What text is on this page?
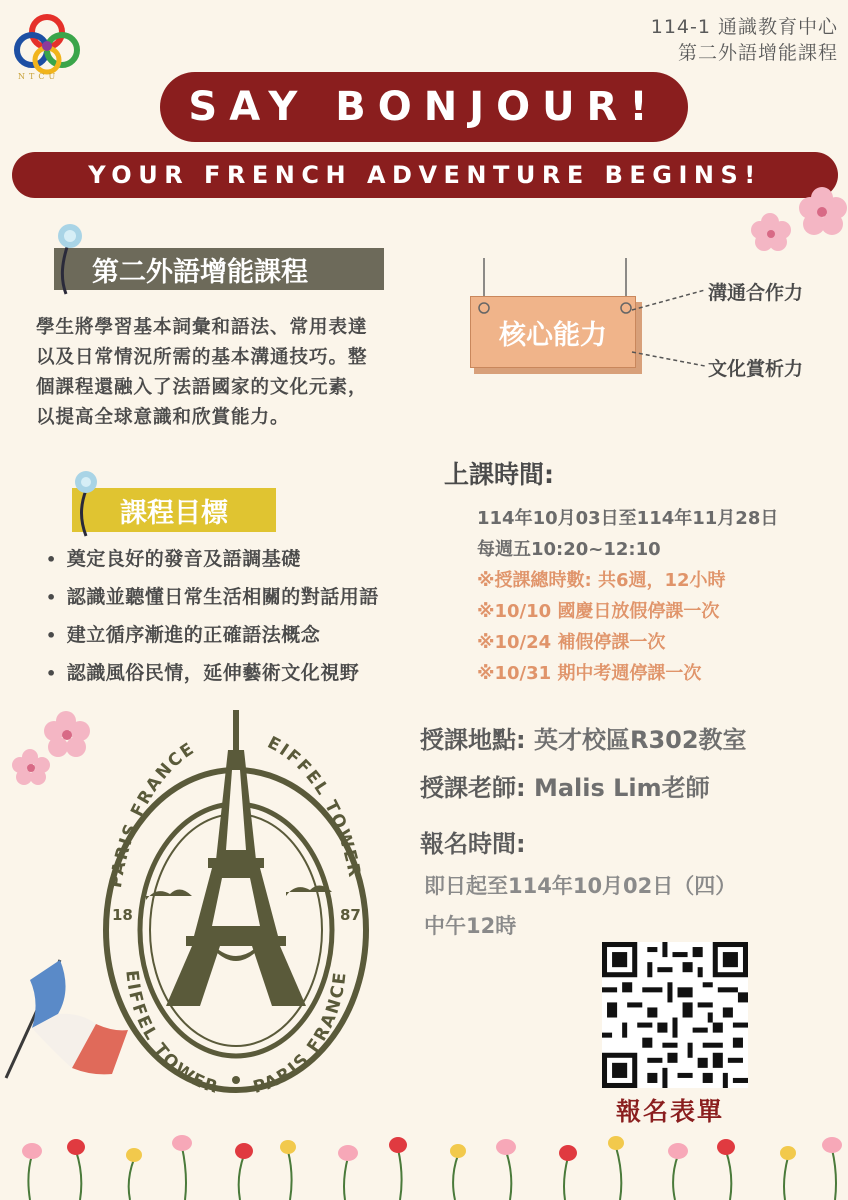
NTCU
114-1 通識教育中心
第二外語增能課程
SAY BONJOUR!
YOUR FRENCH ADVENTURE BEGINS!
第二外語增能課程
學生將學習基本詞彙和語法、常用表達
以及日常情況所需的基本溝通技巧。整
個課程還融入了法語國家的文化元素，
以提高全球意識和欣賞能力。
核心能力
溝通合作力
文化賞析力
課程目標
• 奠定良好的發音及語調基礎
• 認識並聽懂日常生活相關的對話用語
• 建立循序漸進的正確語法概念
• 認識風俗民情，延伸藝術文化視野
上課時間:
114年10月03日至114年11月28日
每週五10:20~12:10
※授課總時數: 共6週，12小時
※10/10 國慶日放假停課一次
※10/24 補假停課一次
※10/31 期中考週停課一次
授課地點: 英才校區R302教室
授課老師: Malis Lim老師
報名時間:
即日起至114年10月02日（四）
中午12時
PARIS FRANCE	EIFFEL TOWER
EIFFEL TOWER PARIS FRANCE
18	87
報名表單
